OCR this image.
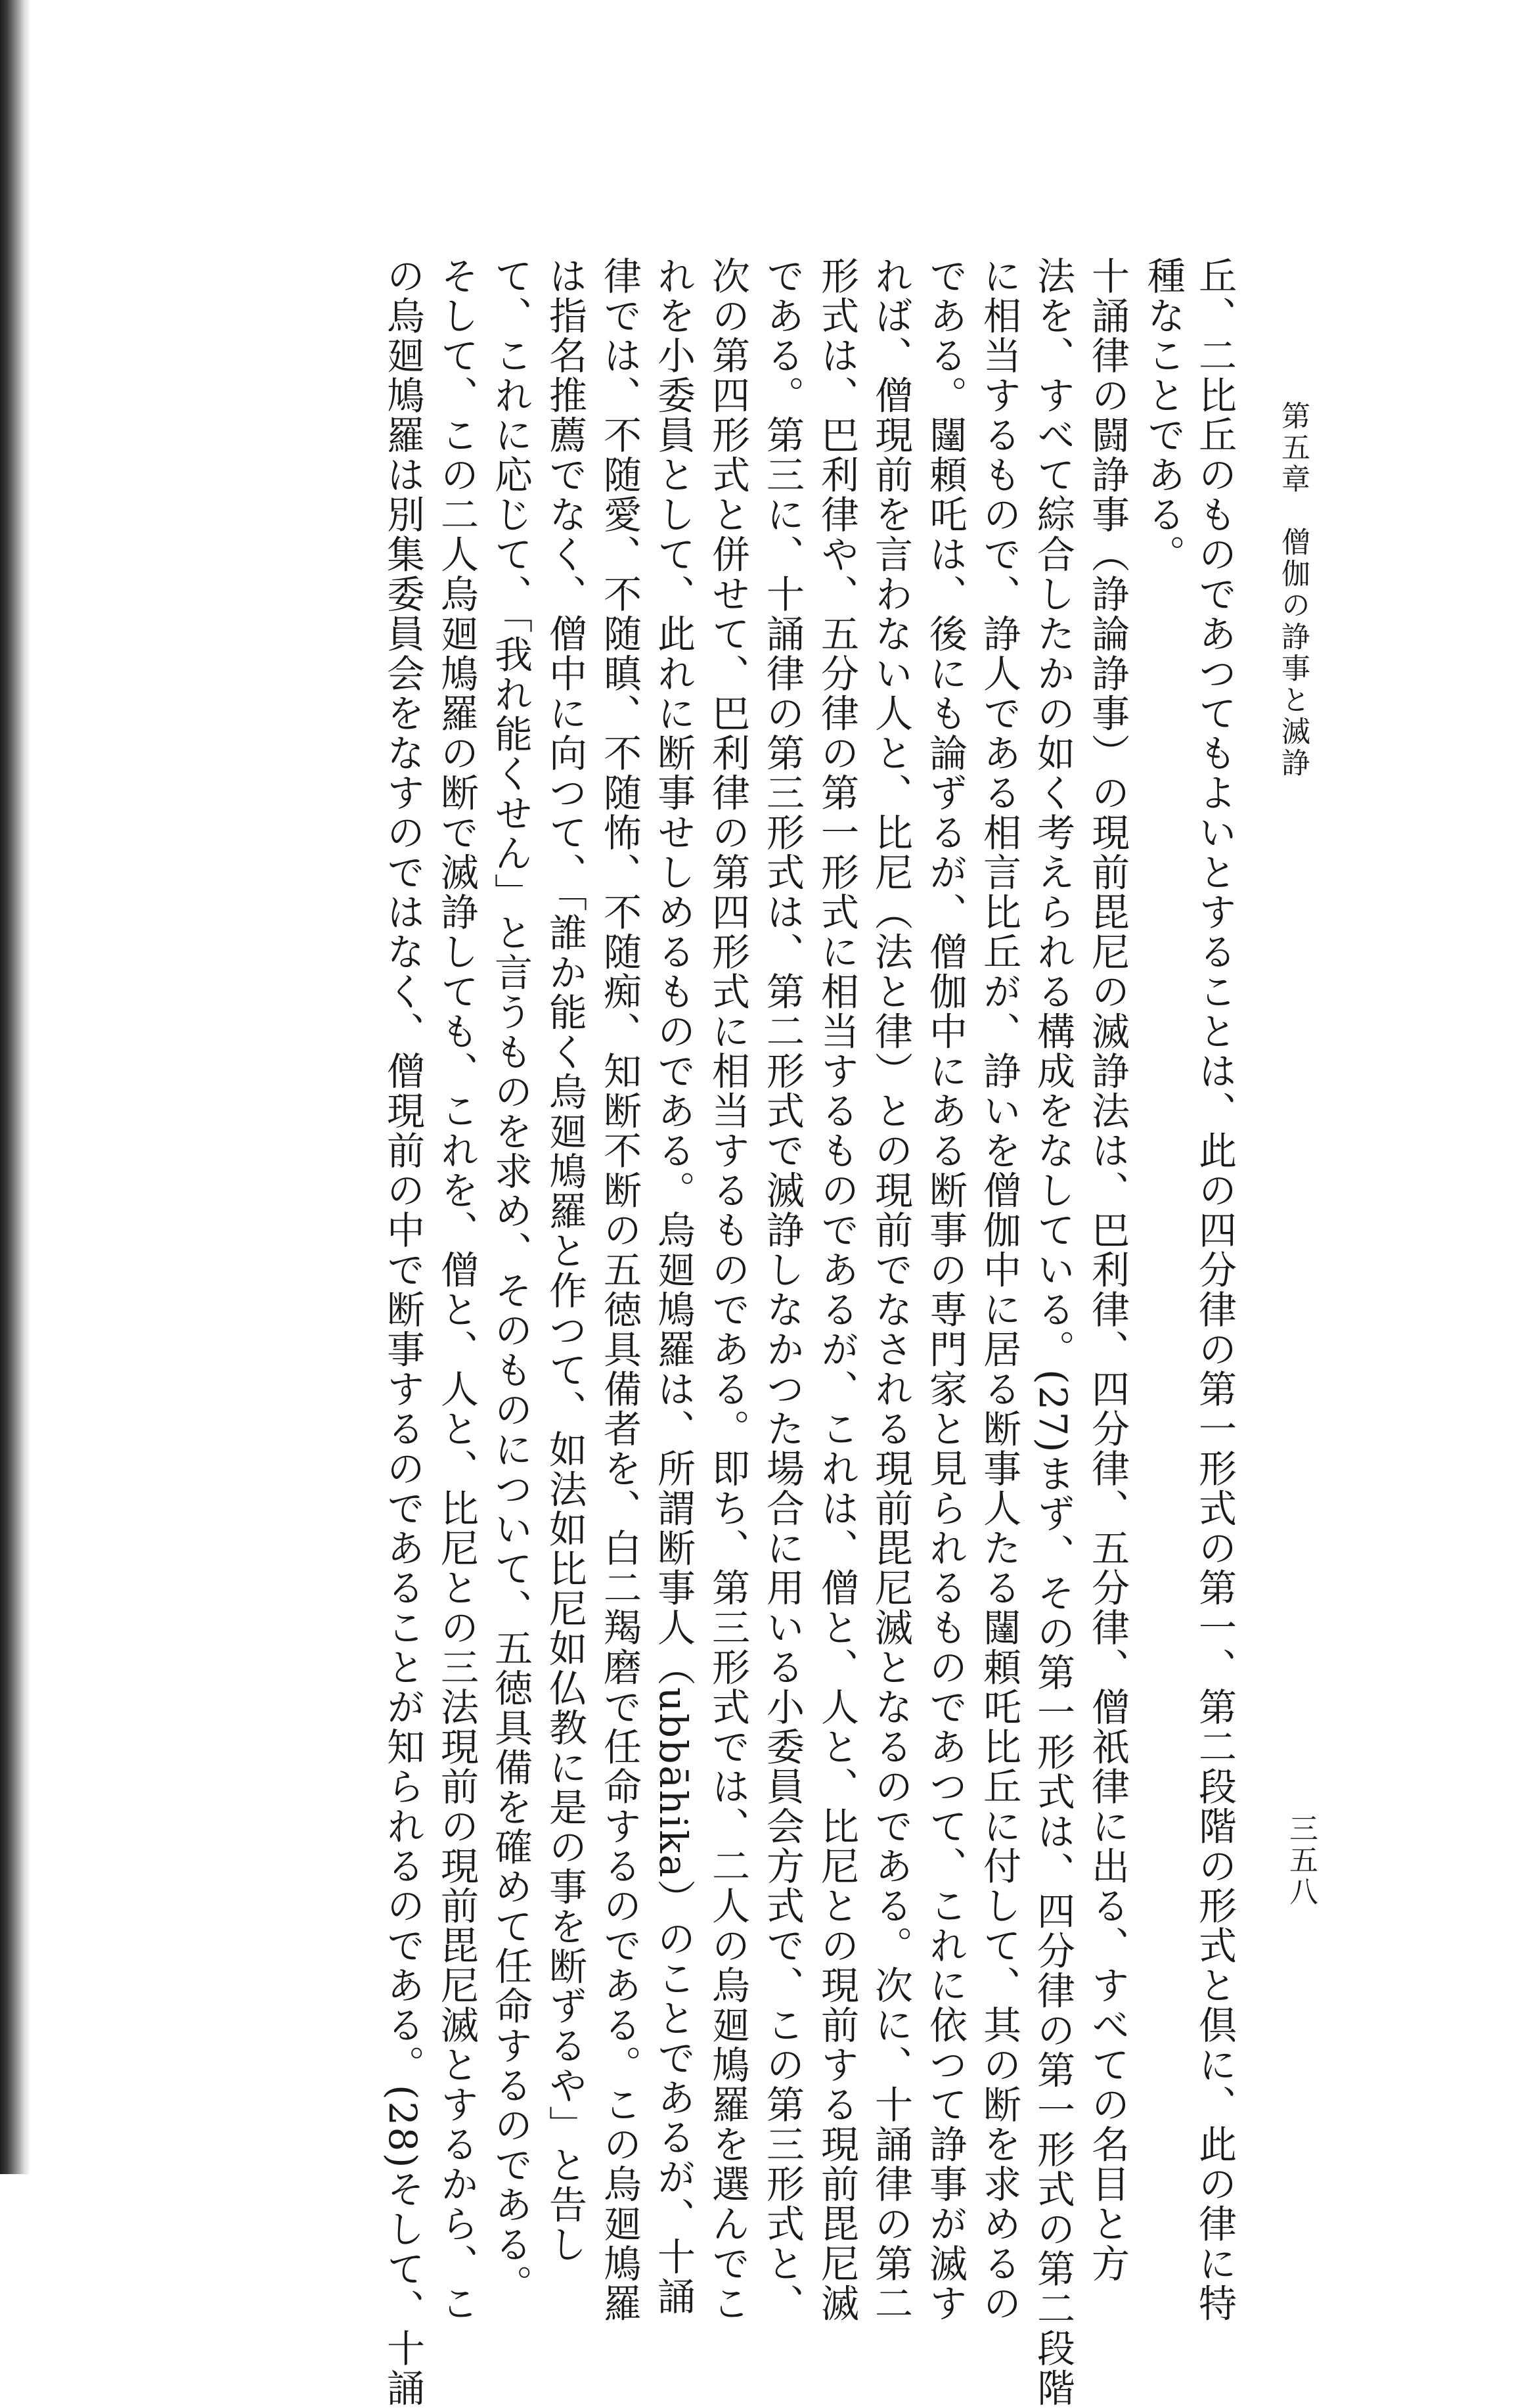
第五章　僧伽の諍事と滅諍
三五八
丘、二比丘のものであつてもよいとすることは、此の四分律の第一形式の第一、第二段階の形式と倶に、此の律に特
種なことである。
十誦律の闘諍事（諍論諍事）の現前毘尼の滅諍法は、巴利律、四分律、五分律、僧祇律に出る、すべての名目と方
法を、すべて綜合したかの如く考えられる構成をなしている。(27)まず、その第一形式は、四分律の第一形式の第二段階
に相当するもので、諍人である相言比丘が、諍いを僧伽中に居る断事人たる闥頼吒比丘に付して、其の断を求めるの
である。闥頼吒は、後にも論ずるが、僧伽中にある断事の専門家と見られるものであつて、これに依つて諍事が滅す
れば、僧現前を言わない人と、比尼（法と律）との現前でなされる現前毘尼滅となるのである。次に、十誦律の第二
形式は、巴利律や、五分律の第一形式に相当するものであるが、これは、僧と、人と、比尼との現前する現前毘尼滅
である。第三に、十誦律の第三形式は、第二形式で滅諍しなかつた場合に用いる小委員会方式で、この第三形式と、
次の第四形式と併せて、巴利律の第四形式に相当するものである。即ち、第三形式では、二人の烏廻鳩羅を選んでこ
れを小委員として、此れに断事せしめるものである。烏廻鳩羅は、所謂断事人（ubbāhika）のことであるが、十誦
律では、不随愛、不随瞋、不随怖、不随痴、知断不断の五徳具備者を、白二羯磨で任命するのである。この烏廻鳩羅
は指名推薦でなく、僧中に向つて、「誰か能く烏廻鳩羅と作つて、如法如比尼如仏教に是の事を断ずるや」と告し
て、これに応じて、「我れ能くせん」と言うものを求め、そのものについて、五徳具備を確めて任命するのである。
そして、この二人烏廻鳩羅の断で滅諍しても、これを、僧と、人と、比尼との三法現前の現前毘尼滅とするから、こ
の烏廻鳩羅は別集委員会をなすのではなく、僧現前の中で断事するのであることが知られるのである。(28)そして、十誦
